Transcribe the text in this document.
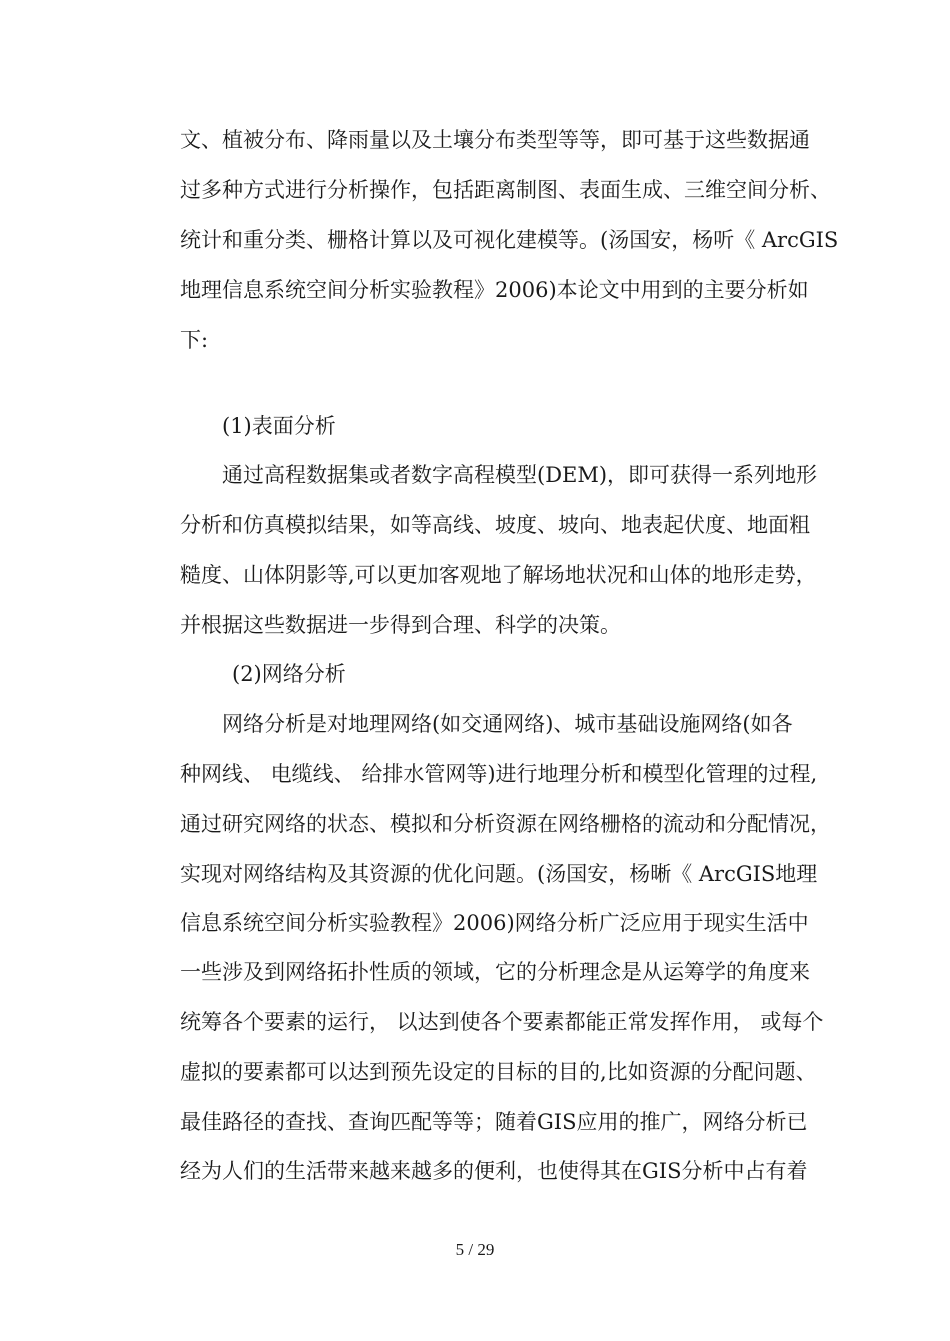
文、植被分布、降雨量以及土壤分布类型等等，即可基于这些数据通
过多种方式进行分析操作，包括距离制图、表面生成、三维空间分析、
统计和重分类、栅格计算以及可视化建模等。(汤国安，杨听《 ArcGIS
地理信息系统空间分析实验教程》2006)本论文中用到的主要分析如
下:
(1)表面分析
通过高程数据集或者数字高程模型(DEM)，即可获得一系列地形
分析和仿真模拟结果，如等高线、坡度、坡向、地表起伏度、地面粗
糙度、山体阴影等,可以更加客观地了解场地状况和山体的地形走势，
并根据这些数据进一步得到合理、科学的决策。
(2)网络分析
网络分析是对地理网络(如交通网络)、城市基础设施网络(如各
种网线、 电缆线、 给排水管网等)进行地理分析和模型化管理的过程,
通过研究网络的状态、模拟和分析资源在网络栅格的流动和分配情况，
实现对网络结构及其资源的优化问题。(汤国安，杨晰《 ArcGIS地理
信息系统空间分析实验教程》2006)网络分析广泛应用于现实生活中
一些涉及到网络拓扑性质的领域，它的分析理念是从运筹学的角度来
统筹各个要素的运行， 以达到使各个要素都能正常发挥作用， 或每个
虚拟的要素都可以达到预先设定的目标的目的,比如资源的分配问题、
最佳路径的查找、查询匹配等等；随着GIS应用的推广，网络分析已
经为人们的生活带来越来越多的便利，也使得其在GIS分析中占有着
5 / 29
